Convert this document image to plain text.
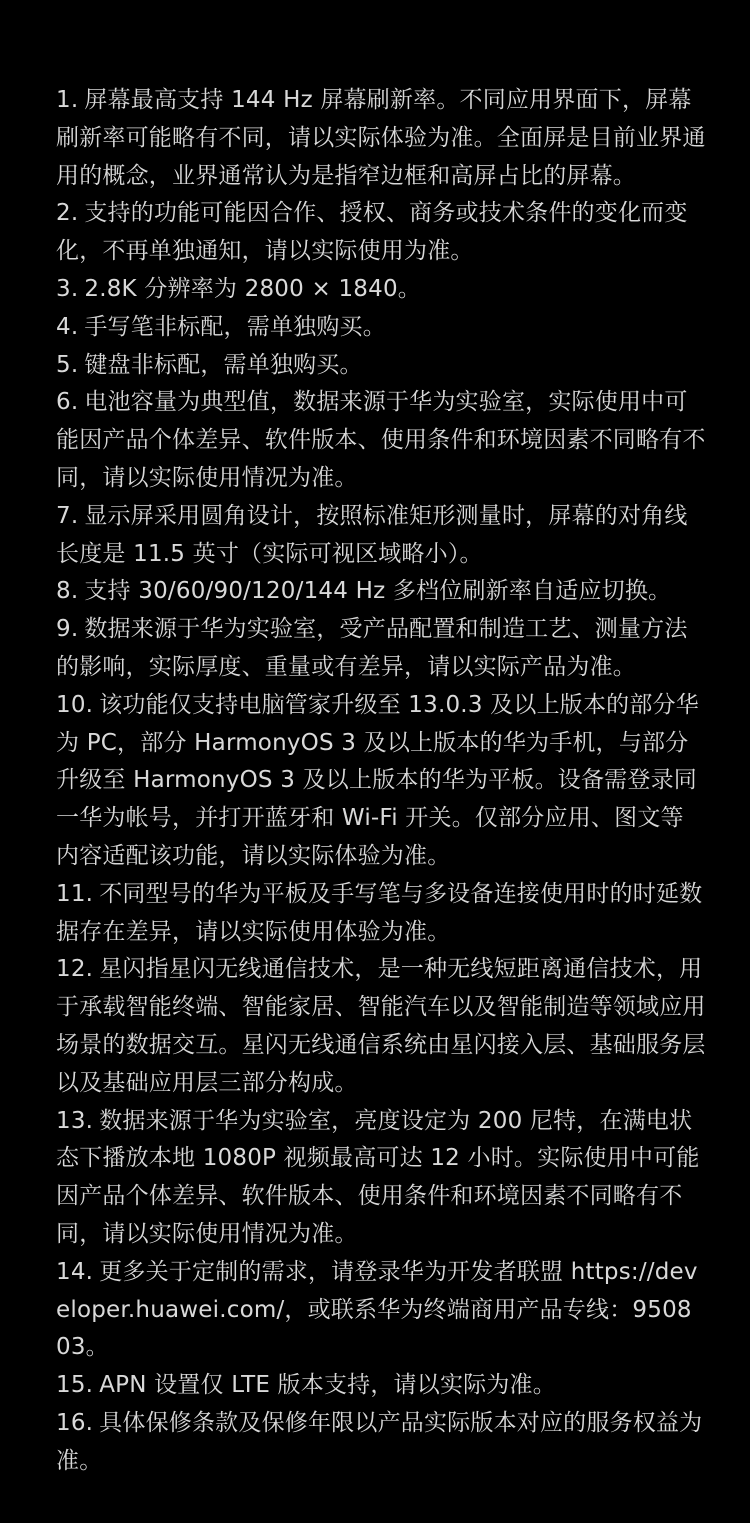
1. 屏幕最高支持 144 Hz 屏幕刷新率。不同应用界面下，屏幕刷新率可能略有不同，请以实际体验为准。全面屏是目前业界通用的概念，业界通常认为是指窄边框和高屏占比的屏幕。
2. 支持的功能可能因合作、授权、商务或技术条件的变化而变化，不再单独通知，请以实际使用为准。
3. 2.8K 分辨率为 2800 × 1840。
4. 手写笔非标配，需单独购买。
5. 键盘非标配，需单独购买。
6. 电池容量为典型值，数据来源于华为实验室，实际使用中可能因产品个体差异、软件版本、使用条件和环境因素不同略有不同，请以实际使用情况为准。
7. 显示屏采用圆角设计，按照标准矩形测量时，屏幕的对角线长度是 11.5 英寸（实际可视区域略小）。
8. 支持 30/60/90/120/144 Hz 多档位刷新率自适应切换。
9. 数据来源于华为实验室，受产品配置和制造工艺、测量方法的影响，实际厚度、重量或有差异，请以实际产品为准。
10. 该功能仅支持电脑管家升级至 13.0.3 及以上版本的部分华为 PC，部分 HarmonyOS 3 及以上版本的华为手机，与部分升级至 HarmonyOS 3 及以上版本的华为平板。设备需登录同一华为帐号，并打开蓝牙和 Wi-Fi 开关。仅部分应用、图文等内容适配该功能，请以实际体验为准。
11. 不同型号的华为平板及手写笔与多设备连接使用时的时延数据存在差异，请以实际使用体验为准。
12. 星闪指星闪无线通信技术，是一种无线短距离通信技术，用于承载智能终端、智能家居、智能汽车以及智能制造等领域应用场景的数据交互。星闪无线通信系统由星闪接入层、基础服务层以及基础应用层三部分构成。
13. 数据来源于华为实验室，亮度设定为 200 尼特，在满电状态下播放本地 1080P 视频最高可达 12 小时。实际使用中可能因产品个体差异、软件版本、使用条件和环境因素不同略有不同，请以实际使用情况为准。
14. 更多关于定制的需求，请登录华为开发者联盟 https://developer.huawei.com/，或联系华为终端商用产品专线：950803。
15. APN 设置仅 LTE 版本支持，请以实际为准。
16. 具体保修条款及保修年限以产品实际版本对应的服务权益为准。
